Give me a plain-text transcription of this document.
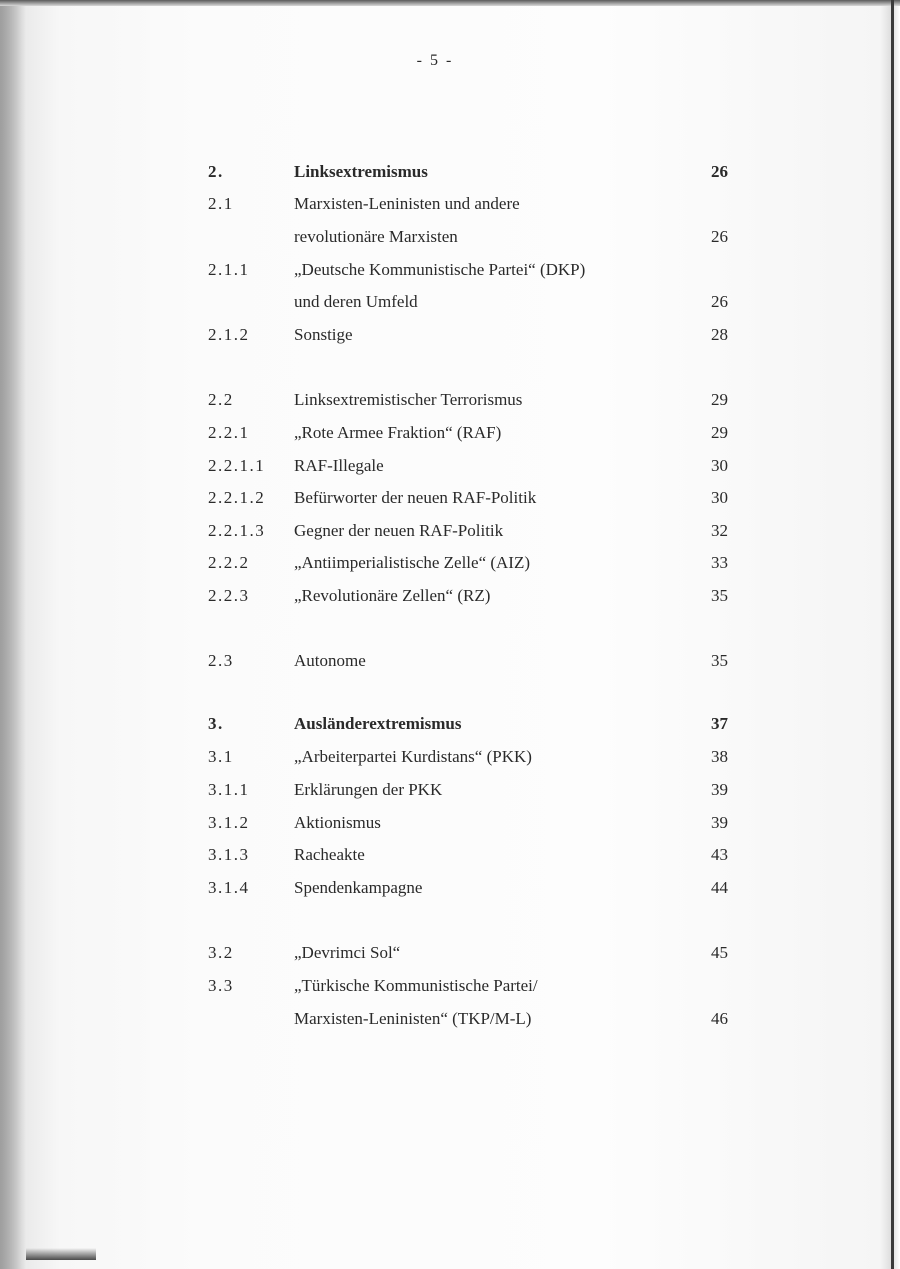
- 5 -
2.	Linksextremismus	26
2.1	Marxisten-Leninisten und andere
revolutionäre Marxisten	26
2.1.1	„Deutsche Kommunistische Partei“ (DKP)
und deren Umfeld	26
2.1.2	Sonstige	28
2.2	Linksextremistischer Terrorismus	29
2.2.1	„Rote Armee Fraktion“ (RAF)	29
2.2.1.1 RAF-Illegale	30
2.2.1.2 Befürworter der neuen RAF-Politik	30
2.2.1.3 Gegner der neuen RAF-Politik	32
2.2.2	„Antiimperialistische Zelle“ (AIZ)	33
2.2.3	„Revolutionäre Zellen“ (RZ)	35
2.3	Autonome	35
3.	Ausländerextremismus	37
3.1	„Arbeiterpartei Kurdistans“ (PKK)	38
3.1.1	Erklärungen der PKK	39
3.1.2	Aktionismus	39
3.1.3	Racheakte	43
3.1.4	Spendenkampagne	44
3.2	„Devrimci Sol“	45
3.3	„Türkische Kommunistische Partei/
Marxisten-Leninisten“ (TKP/M-L)	46
